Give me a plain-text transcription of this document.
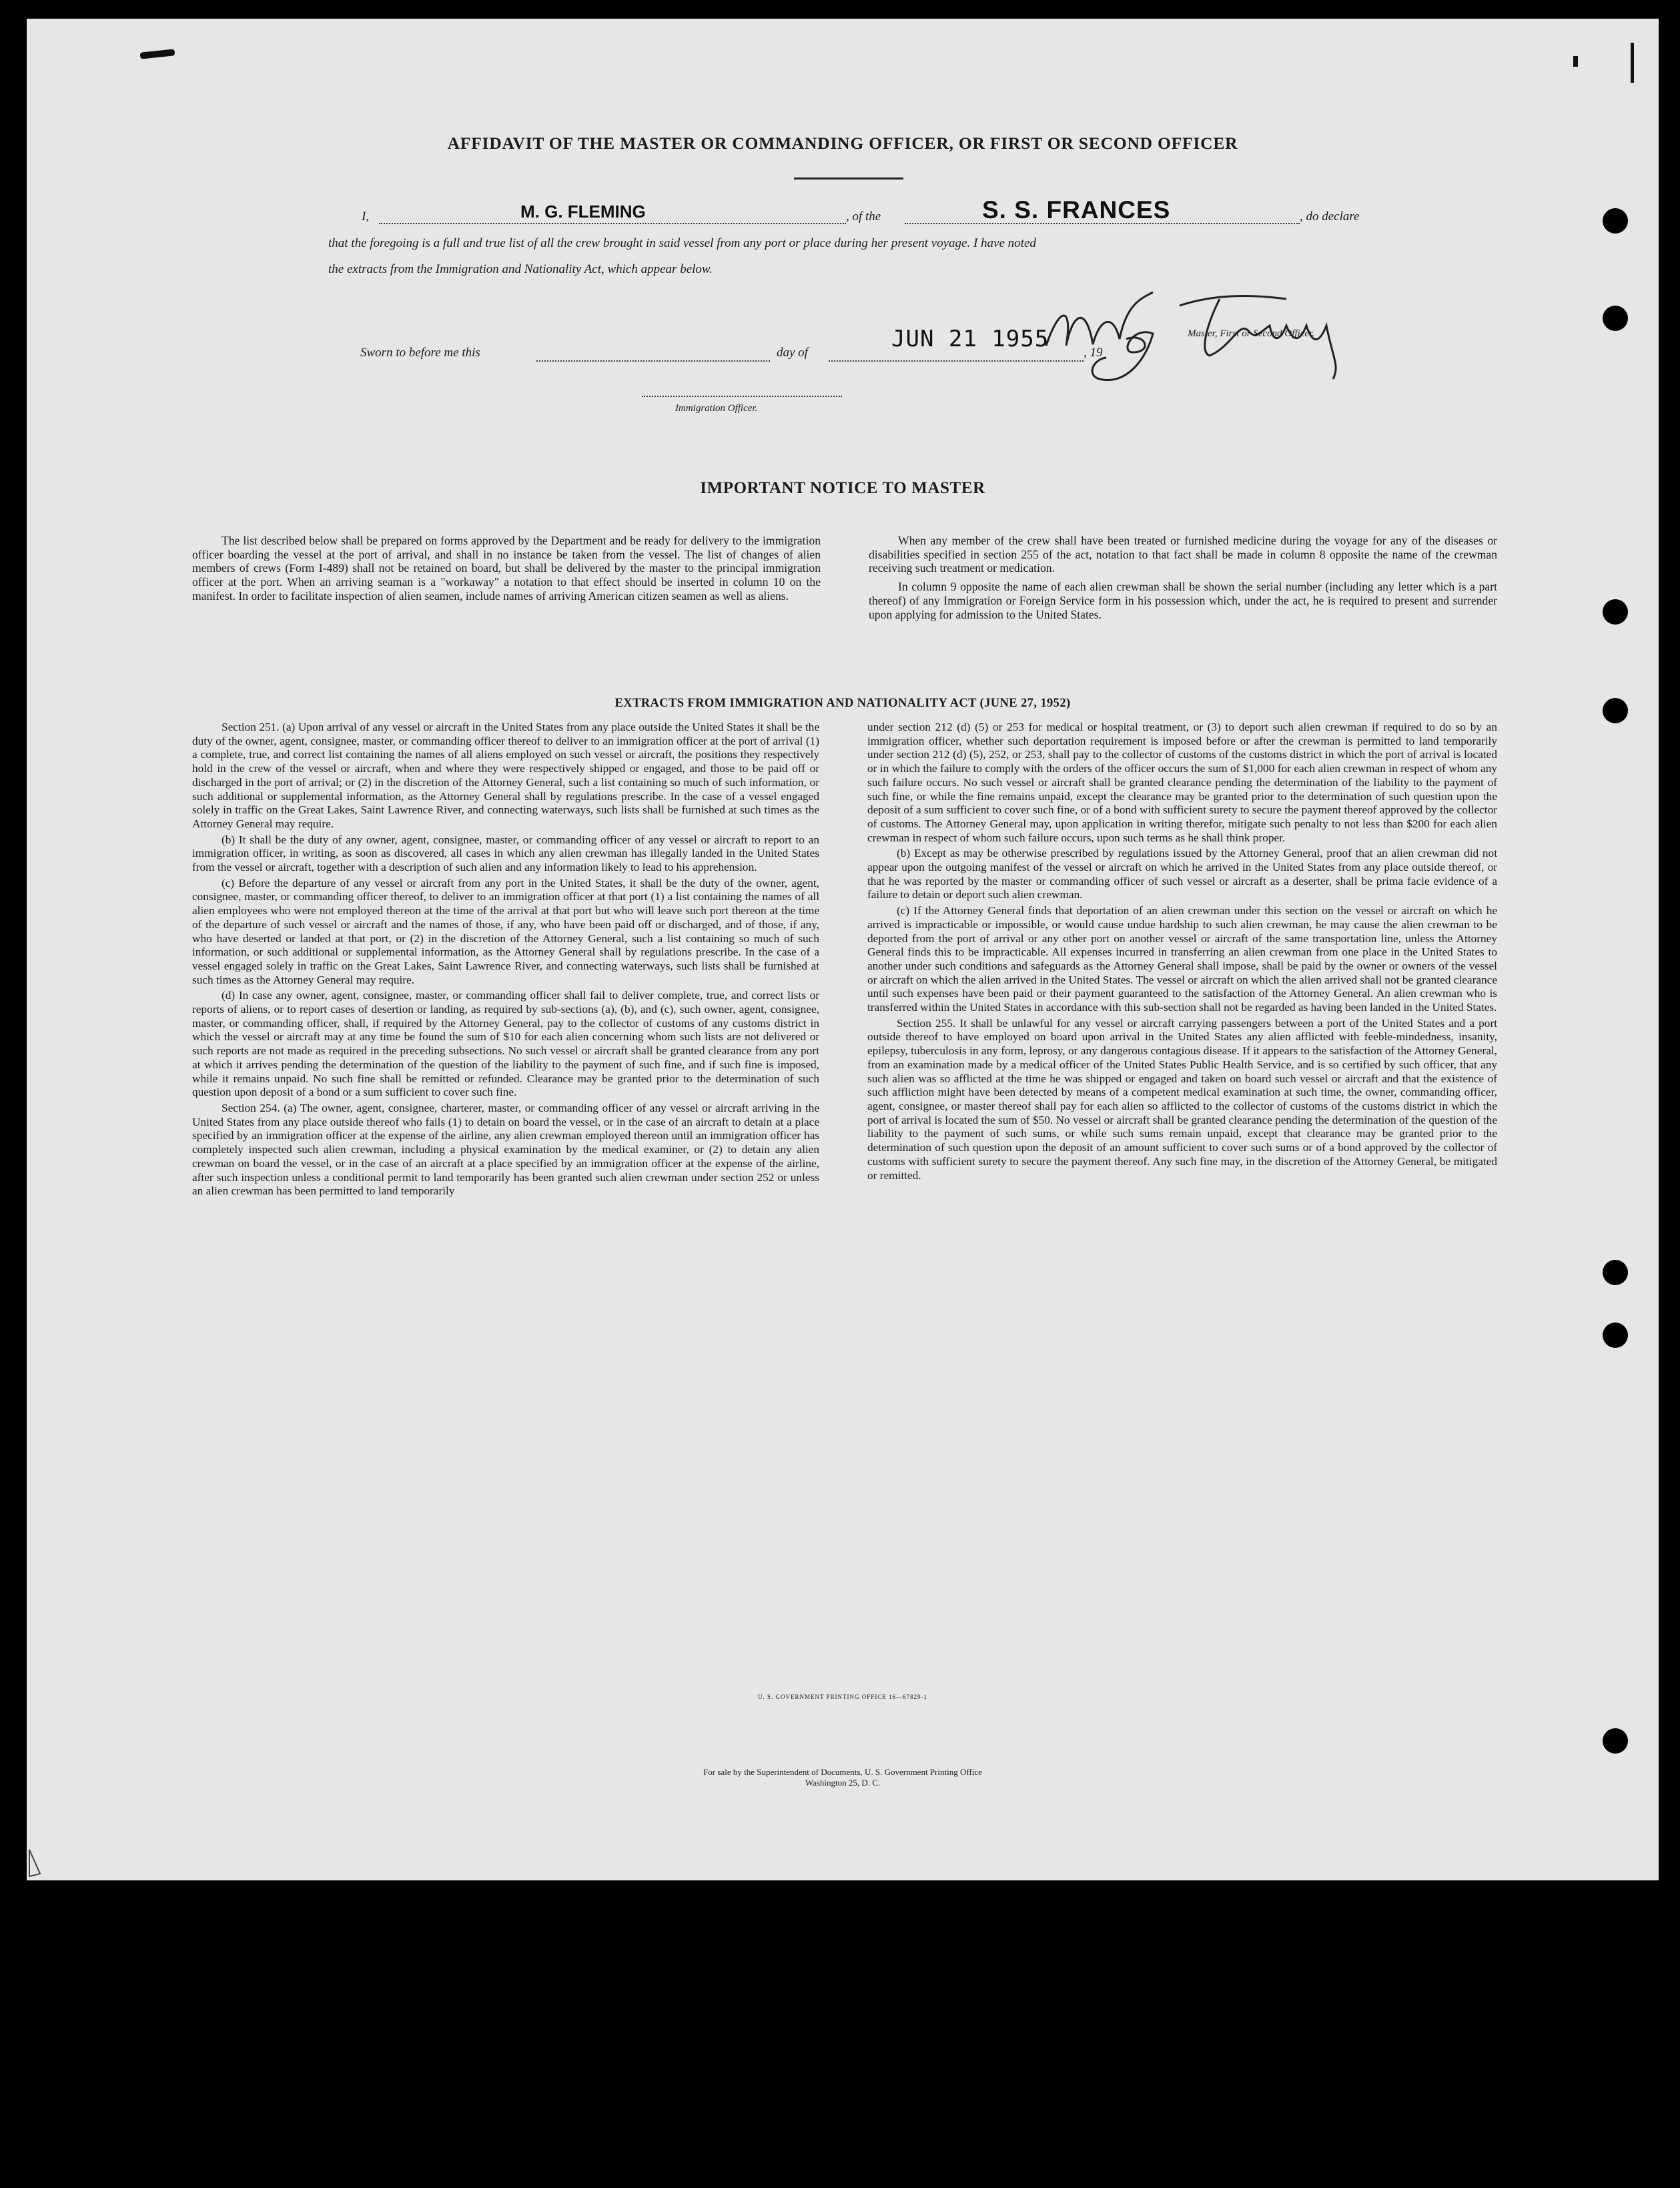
AFFIDAVIT OF THE MASTER OR COMMANDING OFFICER, OR FIRST OR SECOND OFFICER
I,	M. G. FLEMING	, of the	S. S. FRANCES	, do declare
that the foregoing is a full and true list of all the crew brought in said vessel from any port or place during her present voyage. I have noted
the extracts from the Immigration and Nationality Act, which appear below.
Master, First or Second Officer.
Sworn to before me this	day of
JUN 21 1955
, 19
Immigration Officer.
IMPORTANT NOTICE TO MASTER

The list described below shall be prepared on forms approved by the Department and be ready for delivery to the immigration officer boarding the vessel at the port of arrival, and shall in no instance be taken from the vessel. The list of changes of alien members of crews (Form I-489) shall not be retained on board, but shall be delivered by the master to the principal immigration officer at the port. When an arriving seaman is a "workaway" a notation to that effect should be inserted in column 10 on the manifest. In order to facilitate inspection of alien seamen, include names of arriving American citizen seamen as well as aliens.

When any member of the crew shall have been treated or furnished medicine during the voyage for any of the diseases or disabilities specified in section 255 of the act, notation to that fact shall be made in column 8 opposite the name of the crewman receiving such treatment or medication.

In column 9 opposite the name of each alien crewman shall be shown the serial number (including any letter which is a part thereof) of any Immigration or Foreign Service form in his possession which, under the act, he is required to present and surrender upon applying for admission to the United States.

EXTRACTS FROM IMMIGRATION AND NATIONALITY ACT (JUNE 27, 1952)

Section 251. (a) Upon arrival of any vessel or aircraft in the United States from any place outside the United States it shall be the duty of the owner, agent, consignee, master, or commanding officer thereof to deliver to an immigration officer at the port of arrival (1) a complete, true, and correct list containing the names of all aliens employed on such vessel or aircraft, the positions they respectively hold in the crew of the vessel or aircraft, when and where they were respectively shipped or engaged, and those to be paid off or discharged in the port of arrival; or (2) in the discretion of the Attorney General, such a list containing so much of such information, or such additional or supplemental information, as the Attorney General shall by regulations prescribe. In the case of a vessel engaged solely in traffic on the Great Lakes, Saint Lawrence River, and connecting waterways, such lists shall be furnished at such times as the Attorney General may require.

(b) It shall be the duty of any owner, agent, consignee, master, or commanding officer of any vessel or aircraft to report to an immigration officer, in writing, as soon as discovered, all cases in which any alien crewman has illegally landed in the United States from the vessel or aircraft, together with a description of such alien and any information likely to lead to his apprehension.

(c) Before the departure of any vessel or aircraft from any port in the United States, it shall be the duty of the owner, agent, consignee, master, or commanding officer thereof, to deliver to an immigration officer at that port (1) a list containing the names of all alien employees who were not employed thereon at the time of the arrival at that port but who will leave such port thereon at the time of the departure of such vessel or aircraft and the names of those, if any, who have been paid off or discharged, and of those, if any, who have deserted or landed at that port, or (2) in the discretion of the Attorney General, such a list containing so much of such information, or such additional or supplemental information, as the Attorney General shall by regulations prescribe. In the case of a vessel engaged solely in traffic on the Great Lakes, Saint Lawrence River, and connecting waterways, such lists shall be furnished at such times as the Attorney General may require.

(d) In case any owner, agent, consignee, master, or commanding officer shall fail to deliver complete, true, and correct lists or reports of aliens, or to report cases of desertion or landing, as required by sub-sections (a), (b), and (c), such owner, agent, consignee, master, or commanding officer, shall, if required by the Attorney General, pay to the collector of customs of any customs district in which the vessel or aircraft may at any time be found the sum of $10 for each alien concerning whom such lists are not delivered or such reports are not made as required in the preceding subsections. No such vessel or aircraft shall be granted clearance from any port at which it arrives pending the determination of the question of the liability to the payment of such fine, and if such fine is imposed, while it remains unpaid. No such fine shall be remitted or refunded. Clearance may be granted prior to the determination of such question upon deposit of a bond or a sum sufficient to cover such fine.

Section 254. (a) The owner, agent, consignee, charterer, master, or commanding officer of any vessel or aircraft arriving in the United States from any place outside thereof who fails (1) to detain on board the vessel, or in the case of an aircraft to detain at a place specified by an immigration officer at the expense of the airline, any alien crewman employed thereon until an immigration officer has completely inspected such alien crewman, including a physical examination by the medical examiner, or (2) to detain any alien crewman on board the vessel, or in the case of an aircraft at a place specified by an immigration officer at the expense of the airline, after such inspection unless a conditional permit to land temporarily has been granted such alien crewman under section 252 or unless an alien crewman has been permitted to land temporarily

under section 212 (d) (5) or 253 for medical or hospital treatment, or (3) to deport such alien crewman if required to do so by an immigration officer, whether such deportation requirement is imposed before or after the crewman is permitted to land temporarily under section 212 (d) (5), 252, or 253, shall pay to the collector of customs of the customs district in which the port of arrival is located or in which the failure to comply with the orders of the officer occurs the sum of $1,000 for each alien crewman in respect of whom any such failure occurs. No such vessel or aircraft shall be granted clearance pending the determination of the liability to the payment of such fine, or while the fine remains unpaid, except the clearance may be granted prior to the determination of such question upon the deposit of a sum sufficient to cover such fine, or of a bond with sufficient surety to secure the payment thereof approved by the collector of customs. The Attorney General may, upon application in writing therefor, mitigate such penalty to not less than $200 for each alien crewman in respect of whom such failure occurs, upon such terms as he shall think proper.

(b) Except as may be otherwise prescribed by regulations issued by the Attorney General, proof that an alien crewman did not appear upon the outgoing manifest of the vessel or aircraft on which he arrived in the United States from any place outside thereof, or that he was reported by the master or commanding officer of such vessel or aircraft as a deserter, shall be prima facie evidence of a failure to detain or deport such alien crewman.

(c) If the Attorney General finds that deportation of an alien crewman under this section on the vessel or aircraft on which he arrived is impracticable or impossible, or would cause undue hardship to such alien crewman, he may cause the alien crewman to be deported from the port of arrival or any other port on another vessel or aircraft of the same transportation line, unless the Attorney General finds this to be impracticable. All expenses incurred in transferring an alien crewman from one place in the United States to another under such conditions and safeguards as the Attorney General shall impose, shall be paid by the owner or owners of the vessel or aircraft on which the alien arrived in the United States. The vessel or aircraft on which the alien arrived shall not be granted clearance until such expenses have been paid or their payment guaranteed to the satisfaction of the Attorney General. An alien crewman who is transferred within the United States in accordance with this sub-section shall not be regarded as having been landed in the United States.

Section 255. It shall be unlawful for any vessel or aircraft carrying passengers between a port of the United States and a port outside thereof to have employed on board upon arrival in the United States any alien afflicted with feeble-mindedness, insanity, epilepsy, tuberculosis in any form, leprosy, or any dangerous contagious disease. If it appears to the satisfaction of the Attorney General, from an examination made by a medical officer of the United States Public Health Service, and is so certified by such officer, that any such alien was so afflicted at the time he was shipped or engaged and taken on board such vessel or aircraft and that the existence of such affliction might have been detected by means of a competent medical examination at such time, the owner, commanding officer, agent, consignee, or master thereof shall pay for each alien so afflicted to the collector of customs of the customs district in which the port of arrival is located the sum of $50. No vessel or aircraft shall be granted clearance pending the determination of the question of the liability to the payment of such sums, or while such sums remain unpaid, except that clearance may be granted prior to the determination of such question upon the deposit of an amount sufficient to cover such sums or of a bond approved by the collector of customs with sufficient surety to secure the payment thereof. Any such fine may, in the discretion of the Attorney General, be mitigated or remitted.

U. S. GOVERNMENT PRINTING OFFICE 16—67829-1
For sale by the Superintendent of Documents, U. S. Government Printing Office
Washington 25, D. C.
